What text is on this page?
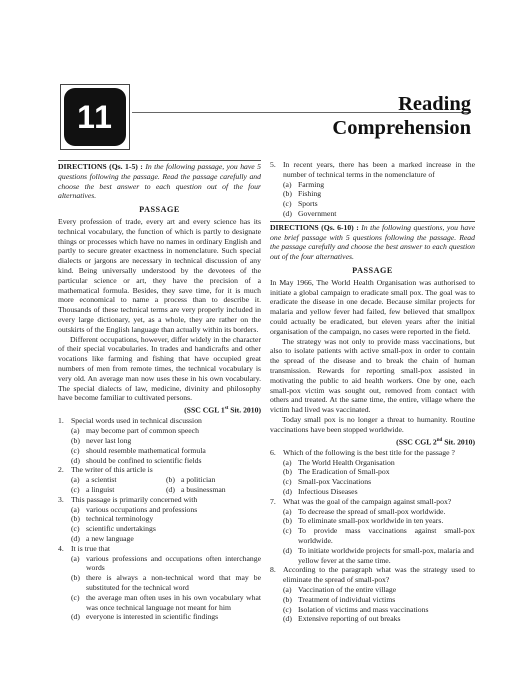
11	Reading
Comprehension

DIRECTIONS (Qs. 1-5) : In the following passage, you have 5 questions following the passage. Read the passage carefully and choose the best answer to each question out of the four alternatives.

PASSAGE

Every profession of trade, every art and every science has its technical vocabulary, the function of which is partly to designate things or processes which have no names in ordinary English and partly to secure greater exactness in nomenclature. Such special dialects or jargons are necessary in technical discussion of any kind. Being universally understood by the devotees of the particular science or art, they have the precision of a mathematical formula. Besides, they save time, for it is much more economical to name a process than to describe it. Thousands of these technical terms are very properly included in every large dictionary, yet, as a whole, they are rather on the outskirts of the English language than actually within its borders.

Different occupations, however, differ widely in the character of their special vocabularies. In trades and handicrafts and other vocations like farming and fishing that have occupied great numbers of men from remote times, the technical vocabulary is very old. An average man now uses these in his own vocabulary. The special dialects of law, medicine, divinity and philosophy have become familiar to cultivated persons.

(SSC CGL 1st Sit. 2010)
1. Special words used in technical discussion
(a) may become part of common speech
(b) never last long
(c) should resemble mathematical formula
(d) should be confined to scientific fields
2. The writer of this article is
(a) a scientist	(b) a politician
(c) a linguist	(d) a businessman
3. This passage is primarily concerned with
(a) various occupations and professions
(b) technical terminology
(c) scientific undertakings
(d) a new language
4. It is true that
(a) various professions and occupations often interchange words
(b) there is always a non-technical word that may be substituted for the technical word
(c) the average man often uses in his own vocabulary what was once technical language not meant for him
(d) everyone is interested in scientific findings
5. In recent years, there has been a marked increase in the number of technical terms in the nomenclature of
(a) Farming
(b) Fishing
(c) Sports
(d) Government

DIRECTIONS (Qs. 6-10) : In the following questions, you have one brief passage with 5 questions following the passage. Read the passage carefully and choose the best answer to each question out of the four alternatives.

PASSAGE

In May 1966, The World Health Organisation was authorised to initiate a global campaign to eradicate small pox. The goal was to eradicate the disease in one decade. Because similar projects for malaria and yellow fever had failed, few believed that smallpox could actually be eradicated, but eleven years after the initial organisation of the campaign, no cases were reported in the field.

The strategy was not only to provide mass vaccinations, but also to isolate patients with active small-pox in order to contain the spread of the disease and to break the chain of human transmission. Rewards for reporting small-pox assisted in motivating the public to aid health workers. One by one, each small-pox victim was sought out, removed from contact with others and treated. At the same time, the entire, village where the victim had lived was vaccinated.

Today small pox is no longer a threat to humanity. Routine vaccinations have been stopped worldwide.

(SSC CGL 2nd Sit. 2010)
6. Which of the following is the best title for the passage ?
(a) The World Health Organisation
(b) The Eradication of Small-pox
(c) Small-pox Vaccinations
(d) Infectious Diseases
7. What was the goal of the campaign against small-pox?
(a) To decrease the spread of small-pox worldwide.
(b) To eliminate small-pox worldwide in ten years.
(c) To provide mass vaccinations against small-pox worldwide.
(d) To initiate worldwide projects for small-pox, malaria and yellow fever at the same time.
8. According to the paragraph what was the strategy used to eliminate the spread of small-pox?
(a) Vaccination of the entire village
(b) Treatment of individual victims
(c) Isolation of victims and mass vaccinations
(d) Extensive reporting of out breaks
